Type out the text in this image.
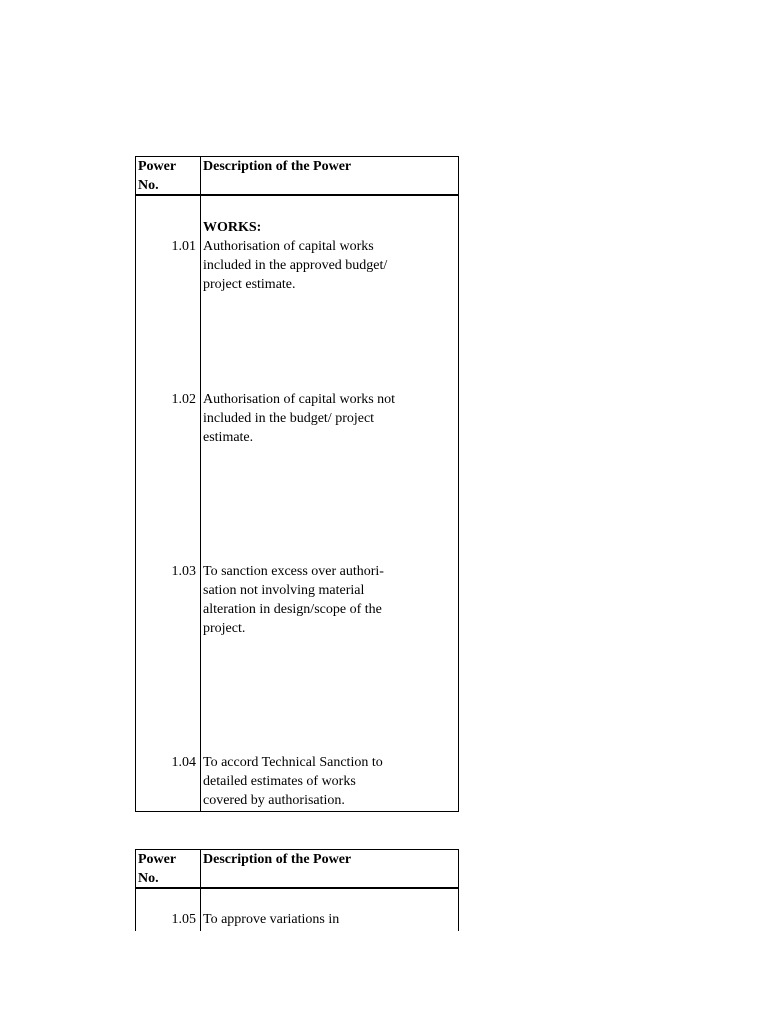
Power
No.
Description of the Power
WORKS:
1.01 Authorisation of capital works
included in the approved budget/
project estimate.
1.02 Authorisation of capital works not
included in the budget/ project
estimate.
1.03 To sanction excess over authori-
sation not involving material
alteration in design/scope of the
project.
1.04 To accord Technical Sanction to
detailed estimates of works
covered by authorisation.
Power
No.
Description of the Power
1.05 To approve variations in
